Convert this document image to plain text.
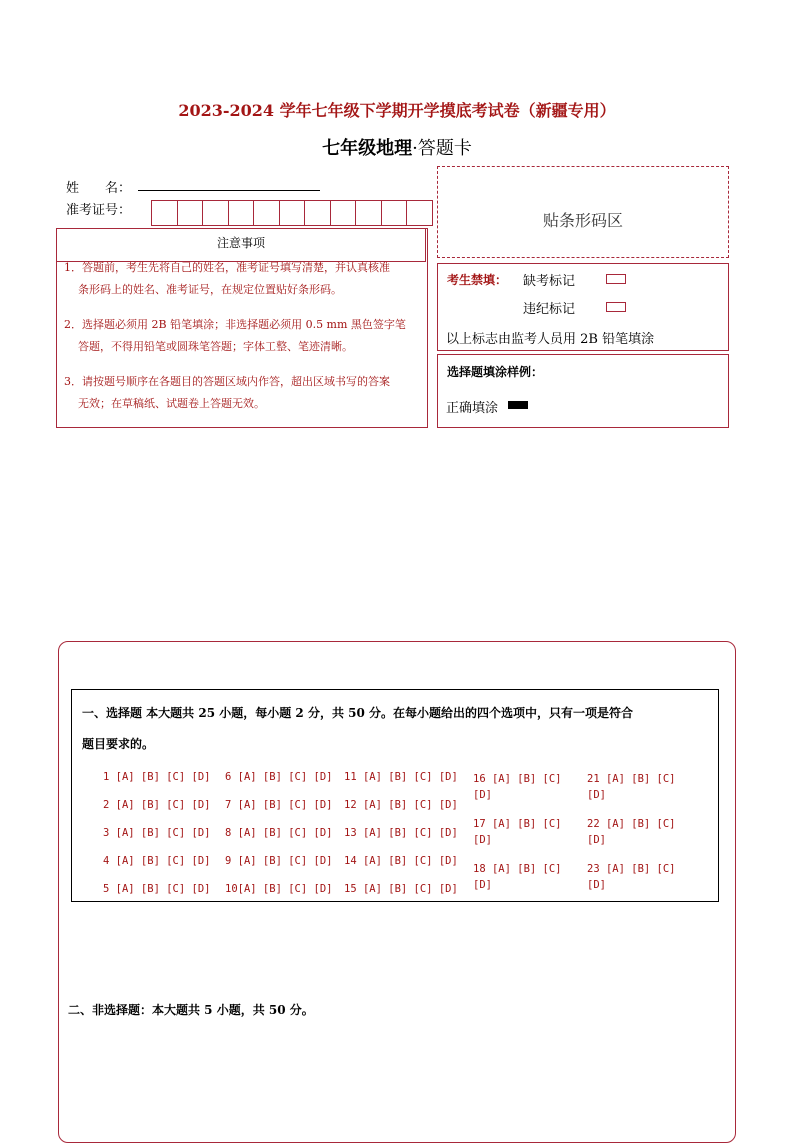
2023-2024 学年七年级下学期开学摸底考试卷（新疆专用）
七年级地理·答题卡
姓　　名：
准考证号：
注意事项
1．答题前，考生先将自己的姓名，准考证号填写清楚，并认真核准
条形码上的姓名、准考证号，在规定位置贴好条形码。
2．选择题必须用 2B 铅笔填涂；非选择题必须用 0.5 mm 黑色签字笔
答题，不得用铅笔或圆珠笔答题；字体工整、笔迹清晰。
3．请按题号顺序在各题目的答题区域内作答，超出区域书写的答案
无效；在草稿纸、试题卷上答题无效。
贴条形码区
考生禁填： 缺考标记
违纪标记
以上标志由监考人员用 2B 铅笔填涂
选择题填涂样例：
正确填涂
一、选择题 本大题共 25 小题，每小题 2 分，共 50 分。在每小题给出的四个选项中，只有一项是符合
题目要求的。
1 [A] [B] [C] [D]
2 [A] [B] [C] [D]
3 [A] [B] [C] [D]
4 [A] [B] [C] [D]
5 [A] [B] [C] [D]
6 [A] [B] [C] [D]
7 [A] [B] [C] [D]
8 [A] [B] [C] [D]
9 [A] [B] [C] [D]
10[A] [B] [C] [D]
11 [A] [B] [C] [D]
12 [A] [B] [C] [D]
13 [A] [B] [C] [D]
14 [A] [B] [C] [D]
15 [A] [B] [C] [D]
16 [A] [B] [C] [D]
17 [A] [B] [C] [D]
18 [A] [B] [C] [D]
21 [A] [B] [C] [D]
22 [A] [B] [C] [D]
23 [A] [B] [C] [D]
二、非选择题：本大题共 5 小题，共 50 分。
